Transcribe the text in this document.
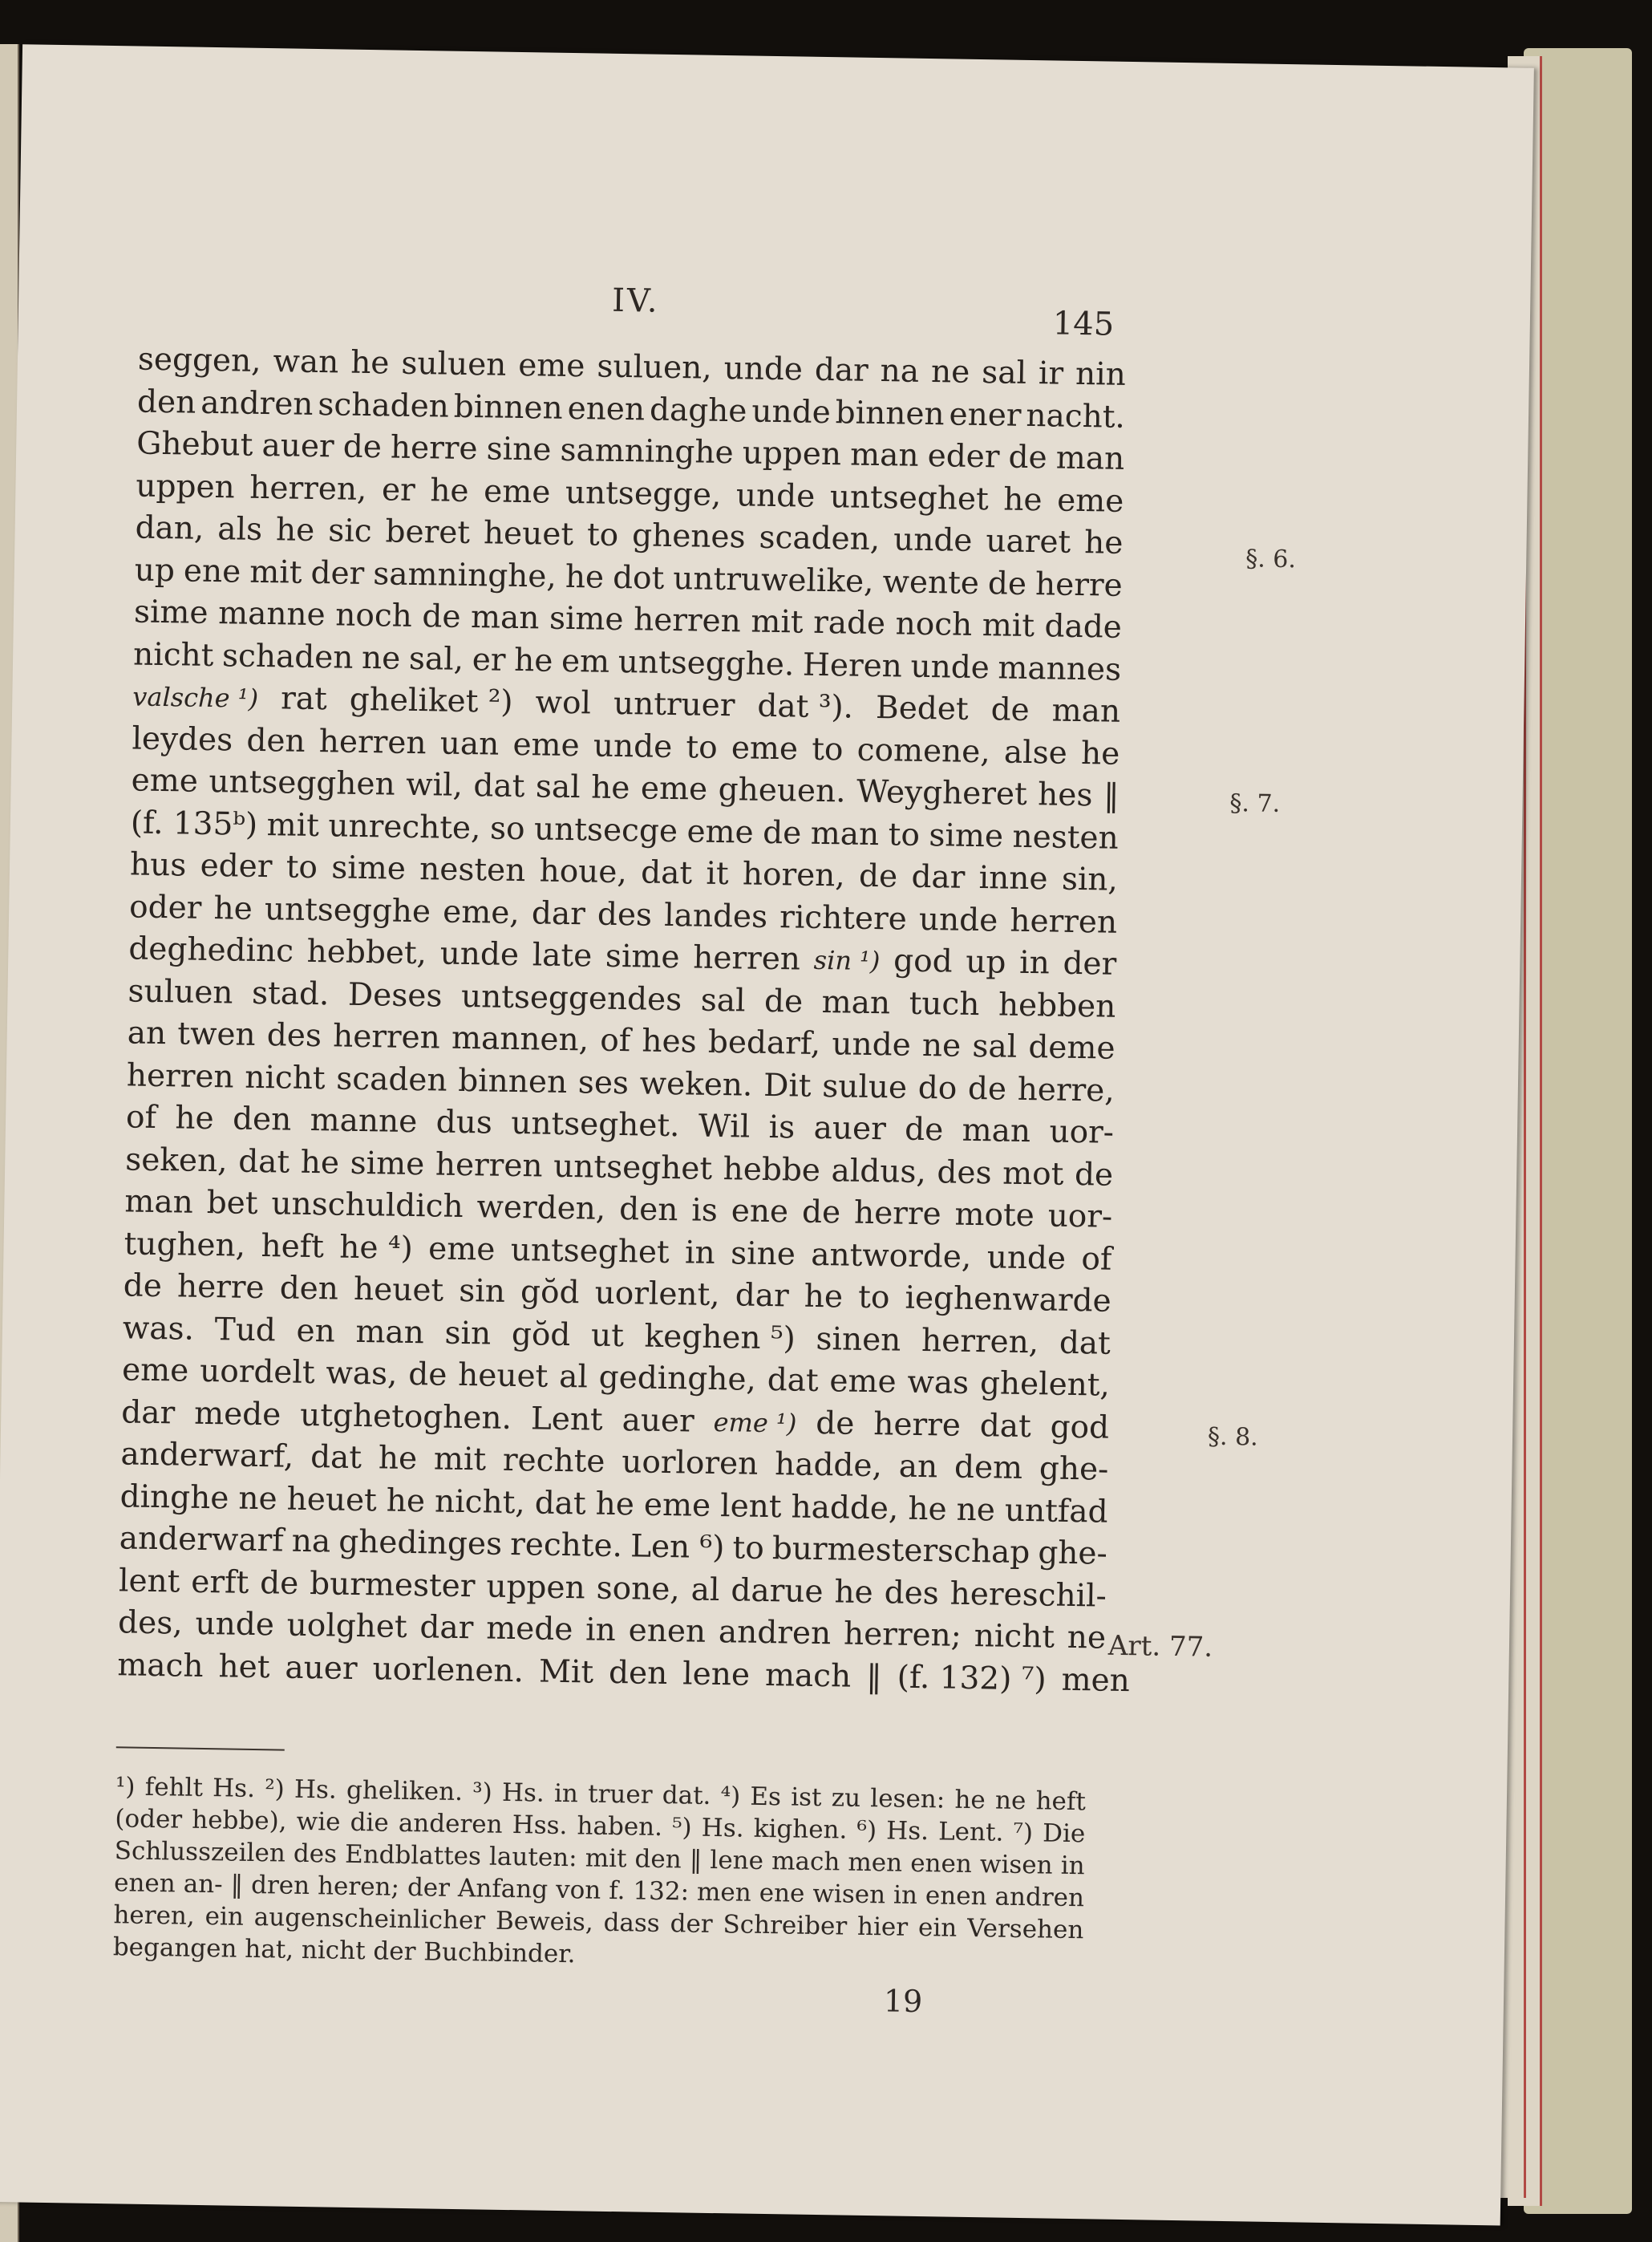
IV.
145
seggen, wan he suluen eme suluen, unde dar na ne sal ir nin
den andren schaden binnen enen daghe unde binnen ener nacht.
Ghebut auer de herre sine samninghe uppen man eder de man
uppen herren, er he eme untsegge, unde untseghet he eme
dan, als he sic beret heuet to ghenes scaden, unde uaret he
up ene mit der samninghe, he dot untruwelike, wente de herre
sime manne noch de man sime herren mit rade noch mit dade
nicht schaden ne sal, er he em untsegghe. Heren unde mannes
valsche ¹) rat gheliket ²) wol untruer dat ³). Bedet de man
leydes den herren uan eme unde to eme to comene, alse he
eme untsegghen wil, dat sal he eme gheuen. Weygheret hes ‖
(f. 135ᵇ) mit unrechte, so untsecge eme de man to sime nesten
hus eder to sime nesten houe, dat it horen, de dar inne sin,
oder he untsegghe eme, dar des landes richtere unde herren
deghedinc hebbet, unde late sime herren sin ¹) god up in der
suluen stad. Deses untseggendes sal de man tuch hebben
an twen des herren mannen, of hes bedarf, unde ne sal deme
herren nicht scaden binnen ses weken. Dit sulue do de herre,
of he den manne dus untseghet. Wil is auer de man uor-
seken, dat he sime herren untseghet hebbe aldus, des mot de
man bet unschuldich werden, den is ene de herre mote uor-
tughen, heft he ⁴) eme untseghet in sine antworde, unde of
de herre den heuet sin gŏd uorlent, dar he to ieghenwarde
was. Tud en man sin gŏd ut keghen ⁵) sinen herren, dat
eme uordelt was, de heuet al gedinghe, dat eme was ghelent,
dar mede utghetoghen. Lent auer eme ¹) de herre dat god
anderwarf, dat he mit rechte uorloren hadde, an dem ghe-
dinghe ne heuet he nicht, dat he eme lent hadde, he ne untfad
anderwarf na ghedinges rechte. Len ⁶) to burmesterschap ghe-
lent erft de burmester uppen sone, al darue he des hereschil-
des, unde uolghet dar mede in enen andren herren; nicht ne
mach het auer uorlenen. Mit den lene mach ‖ (f. 132) ⁷) men
§. 6.
§. 7.
§. 8.
Art. 77.
¹) fehlt Hs. ²) Hs. gheliken. ³) Hs. in truer dat. ⁴) Es ist zu lesen: he ne heft (oder hebbe), wie die anderen Hss. haben. ⁵) Hs. kighen. ⁶) Hs. Lent. ⁷) Die Schlusszeilen des Endblattes lauten: mit den ‖ lene mach men enen wisen in enen an- ‖ dren heren; der Anfang von f. 132: men ene wisen in enen andren heren, ein augenscheinlicher Beweis, dass der Schreiber hier ein Versehen begangen hat, nicht der Buchbinder.
19
